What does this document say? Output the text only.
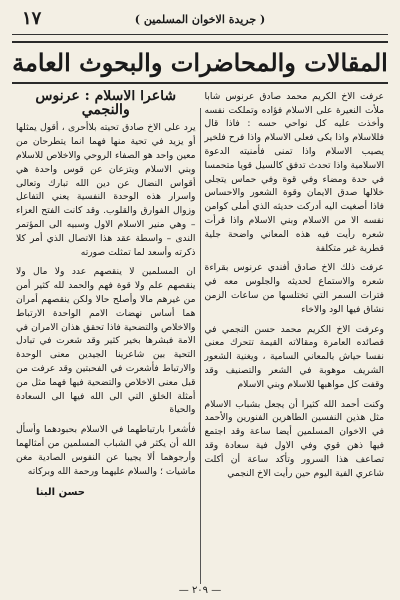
( جريدة الاخوان المسلمين )
١٧
المقالات والمحاضرات والبحوث العامة

عرفت الاخ الكريم محمد صادق عرنوس شابا ملأت النعيرة على الاسلام فؤاده وتملكت نفسه وأخذت عليه كل نواحي حسه : فاذا قال فللاسلام واذا بكى فعلى الاسلام واذا فرح فلخير يصيب الاسلام واذا تمنى فأمنيته الدعوة الاسلامية واذا تحدث تدفق كالسيل قويا متحمسا في حدة ومضاء وفي قوة وفي حماس يتجلى خلالها صدق الايمان وقوة الشعور والاحساس فاذا أصغيت اليه أدركت حديثه الذي أملى كوامن نفسه الا من الاسلام وبني الاسلام واذا قرأت شعره رأيت فيه هذه المعاني واضحة جلية قطرية غير متكلفة

عرفت ذلك الاخ صادق أفندي عرنوس بقراءة شعره والاستماع لحديثه والجلوس معه في فترات السمر التي تختلسها من ساعات الزمن نشاق فيها الود والاخاء

وعرفت الاخ الكريم محمد حسن النجمي في قصائده العامرة ومقالاته القيمة تتحرك معنى نفسا حياش بالمعاني السامية ، ويغنية الشعور الشريف موهوبة في الشعر والتصنيف وقد وقفت كل مواهبها للاسلام وبني الاسلام

وكنت أحمد الله كثيرا أن يجعل بشباب الاسلام مثل هذين النفسين الطاهرين الفنورين والأحمد في الاخوان المسلمين أيضا ساعة وقد اجتمع فيها ذهن قوي وفي الاول فية سعادة وقد تصاعف هذا السرور وتأكد ساعة أن أكلت شاعري الفية اليوم حين رأيت الاخ النجمي

شاعرا الاسلام : عرنوس والنجمي

يرد على الاخ صادق تحيته بلاأحرى ، أقول يمثلها أو يزيد في تحية منها فهما انما يتطرحان من معين واحد هو الصفاء الروحي والاخلاص للاسلام وبني الاسلام ويتزعان عن قوس واحدة هي أقواس النضال عن دين الله تبارك وتعالى واسرار هذه الوحدة النفسية يعني التفاعل وزوال الفوارق والقلوب. وقد كانت الفتح العزاء – وهي منير الاسلام الاول وسبيه الى المؤتمر الندى – واسطة عقد هذا الاتصال الذي أمر كلا ذكرته وأسعد لما تمثلت صورته

ان المسلمين لا ينقصهم عدد ولا مال ولا ينقصهم علم ولا قوة فهم والحمد لله كثير أمن من غيرهم مالا وأصلح حالا ولكن ينقصهم أمران هما أساس نهضات الامم الواحدة الارتباط والاخلاص والتضحية فاذا تحقق هذان الامران في الامة فبشرها بخير كثير وقد شعرت في تبادل التحية بين شاعرينا الجيدين معنى الوحدة والارتباط فأشعرت في الفحبتين وقد عرفت من قبل معنى الاخلاص والتضحية فيها فهما مثل من أمثلة الخلق التي الى الله فيها الى السعادة والحياة

فأشعرا بارتباطهما في الاسلام بحبودهما وأسأل الله أن يكثر في الشباب المسلمين من أمثالهما وأرجوهما ألا يجيبا عن النفوس الصادية مغن ماشيات ؛ والسلام عليهما ورحمة الله وبركاته

حسن البنا
— ٢٠٩ —
